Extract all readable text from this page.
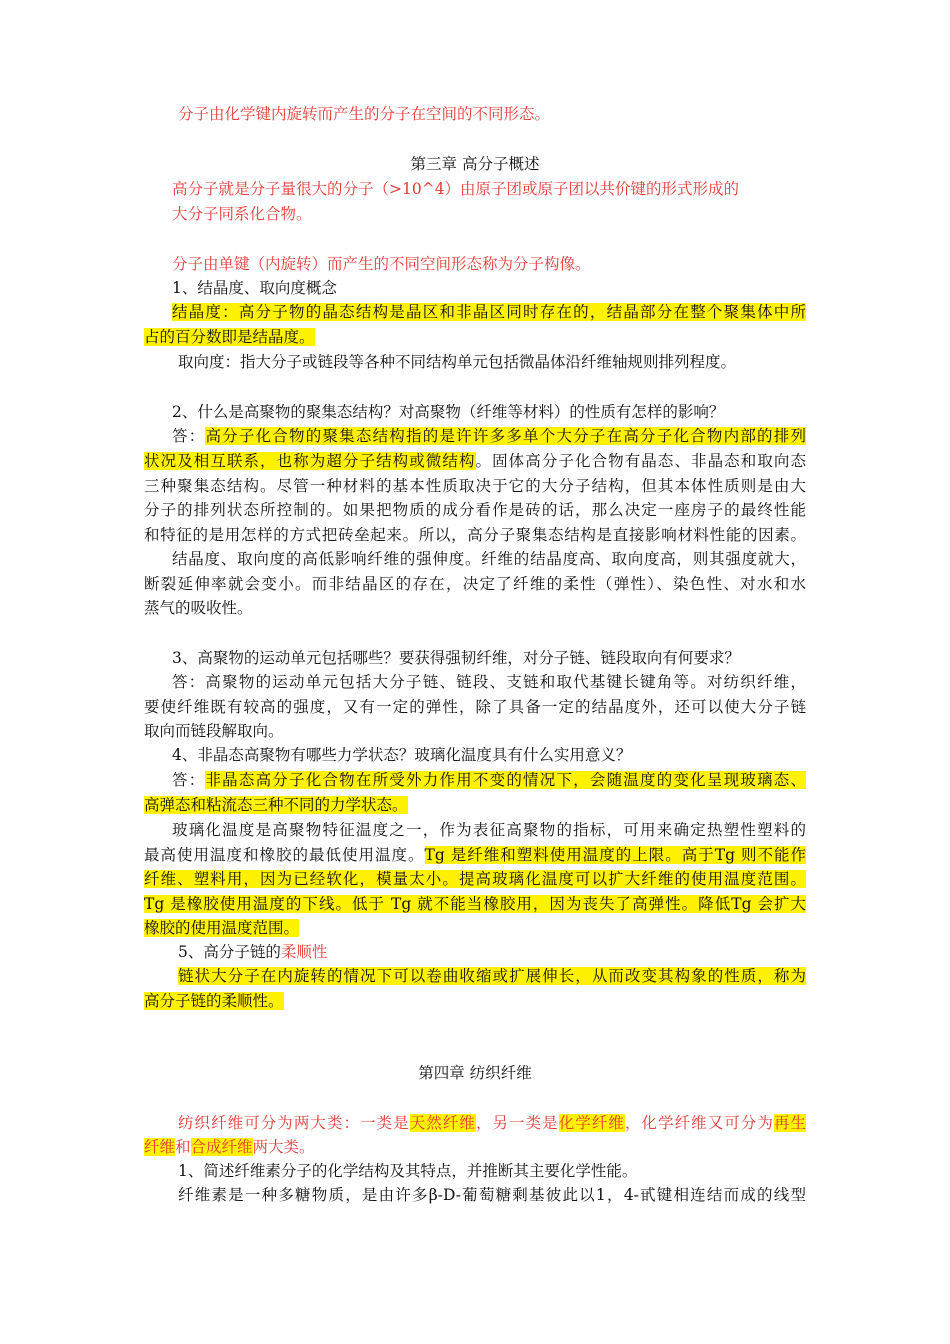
分子由化学键内旋转而产生的分子在空间的不同形态。
第三章 高分子概述
高分子就是分子量很大的分子（>10^4）由原子团或原子团以共价键的形式形成的
大分子同系化合物。
分子由单键（内旋转）而产生的不同空间形态称为分子构像。
1、结晶度、取向度概念
结晶度：高分子物的晶态结构是晶区和非晶区同时存在的，结晶部分在整个聚集体中所
占的百分数即是结晶度。
取向度：指大分子或链段等各种不同结构单元包括微晶体沿纤维轴规则排列程度。
2、什么是高聚物的聚集态结构？对高聚物（纤维等材料）的性质有怎样的影响？
答：高分子化合物的聚集态结构指的是许许多多单个大分子在高分子化合物内部的排列
状况及相互联系，也称为超分子结构或微结构。固体高分子化合物有晶态、非晶态和取向态
三种聚集态结构。尽管一种材料的基本性质取决于它的大分子结构，但其本体性质则是由大
分子的排列状态所控制的。如果把物质的成分看作是砖的话，那么决定一座房子的最终性能
和特征的是用怎样的方式把砖垒起来。所以，高分子聚集态结构是直接影响材料性能的因素。
结晶度、取向度的高低影响纤维的强伸度。纤维的结晶度高、取向度高，则其强度就大，
断裂延伸率就会变小。而非结晶区的存在，决定了纤维的柔性（弹性）、染色性、对水和水
蒸气的吸收性。
3、高聚物的运动单元包括哪些？要获得强韧纤维，对分子链、链段取向有何要求？
答：高聚物的运动单元包括大分子链、链段、支链和取代基键长键角等。对纺织纤维，
要使纤维既有较高的强度，又有一定的弹性，除了具备一定的结晶度外，还可以使大分子链
取向而链段解取向。
4、非晶态高聚物有哪些力学状态？玻璃化温度具有什么实用意义？
答：非晶态高分子化合物在所受外力作用不变的情况下，会随温度的变化呈现玻璃态、
高弹态和粘流态三种不同的力学状态。
玻璃化温度是高聚物特征温度之一，作为表征高聚物的指标，可用来确定热塑性塑料的
最高使用温度和橡胶的最低使用温度。Tg 是纤维和塑料使用温度的上限。高于Tg 则不能作
纤维、塑料用，因为已经软化，模量太小。提高玻璃化温度可以扩大纤维的使用温度范围。
Tg 是橡胶使用温度的下线。低于 Tg 就不能当橡胶用，因为丧失了高弹性。降低Tg 会扩大
橡胶的使用温度范围。
5、高分子链的柔顺性
链状大分子在内旋转的情况下可以卷曲收缩或扩展伸长，从而改变其构象的性质，称为
高分子链的柔顺性。
第四章 纺织纤维
纺织纤维可分为两大类：一类是天然纤维，另一类是化学纤维，化学纤维又可分为再生
纤维和合成纤维两大类。
1、简述纤维素分子的化学结构及其特点，并推断其主要化学性能。
纤维素是一种多糖物质，是由许多β-D-葡萄糖剩基彼此以1，4-甙键相连结而成的线型
